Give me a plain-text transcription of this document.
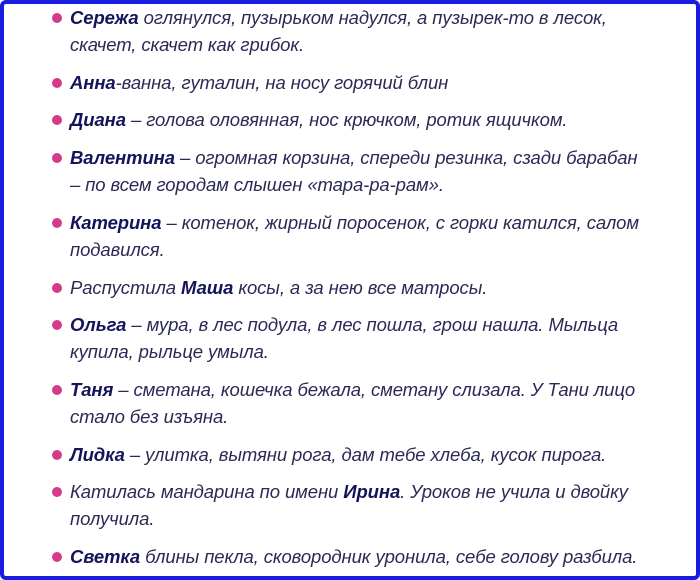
Сережа оглянулся, пузырьком надулся, а пузырек-то в лесок, скачет, скачет как грибок.
Анна-ванна, гуталин, на носу горячий блин
Диана – голова оловянная, нос крючком, ротик ящичком.
Валентина – огромная корзина, спереди резинка, сзади барабан – по всем городам слышен «тара-ра-рам».
Катерина – котенок, жирный поросенок, с горки катился, салом подавился.
Распустила Маша косы, а за нею все матросы.
Ольга – мура, в лес подула, в лес пошла, грош нашла. Мыльца купила, рыльце умыла.
Таня – сметана, кошечка бежала, сметану слизала. У Тани лицо стало без изъяна.
Лидка – улитка, вытяни рога, дам тебе хлеба, кусок пирога.
Катилась мандарина по имени Ирина. Уроков не учила и двойку получила.
Светка блины пекла, сковородник уронила, себе голову разбила.
